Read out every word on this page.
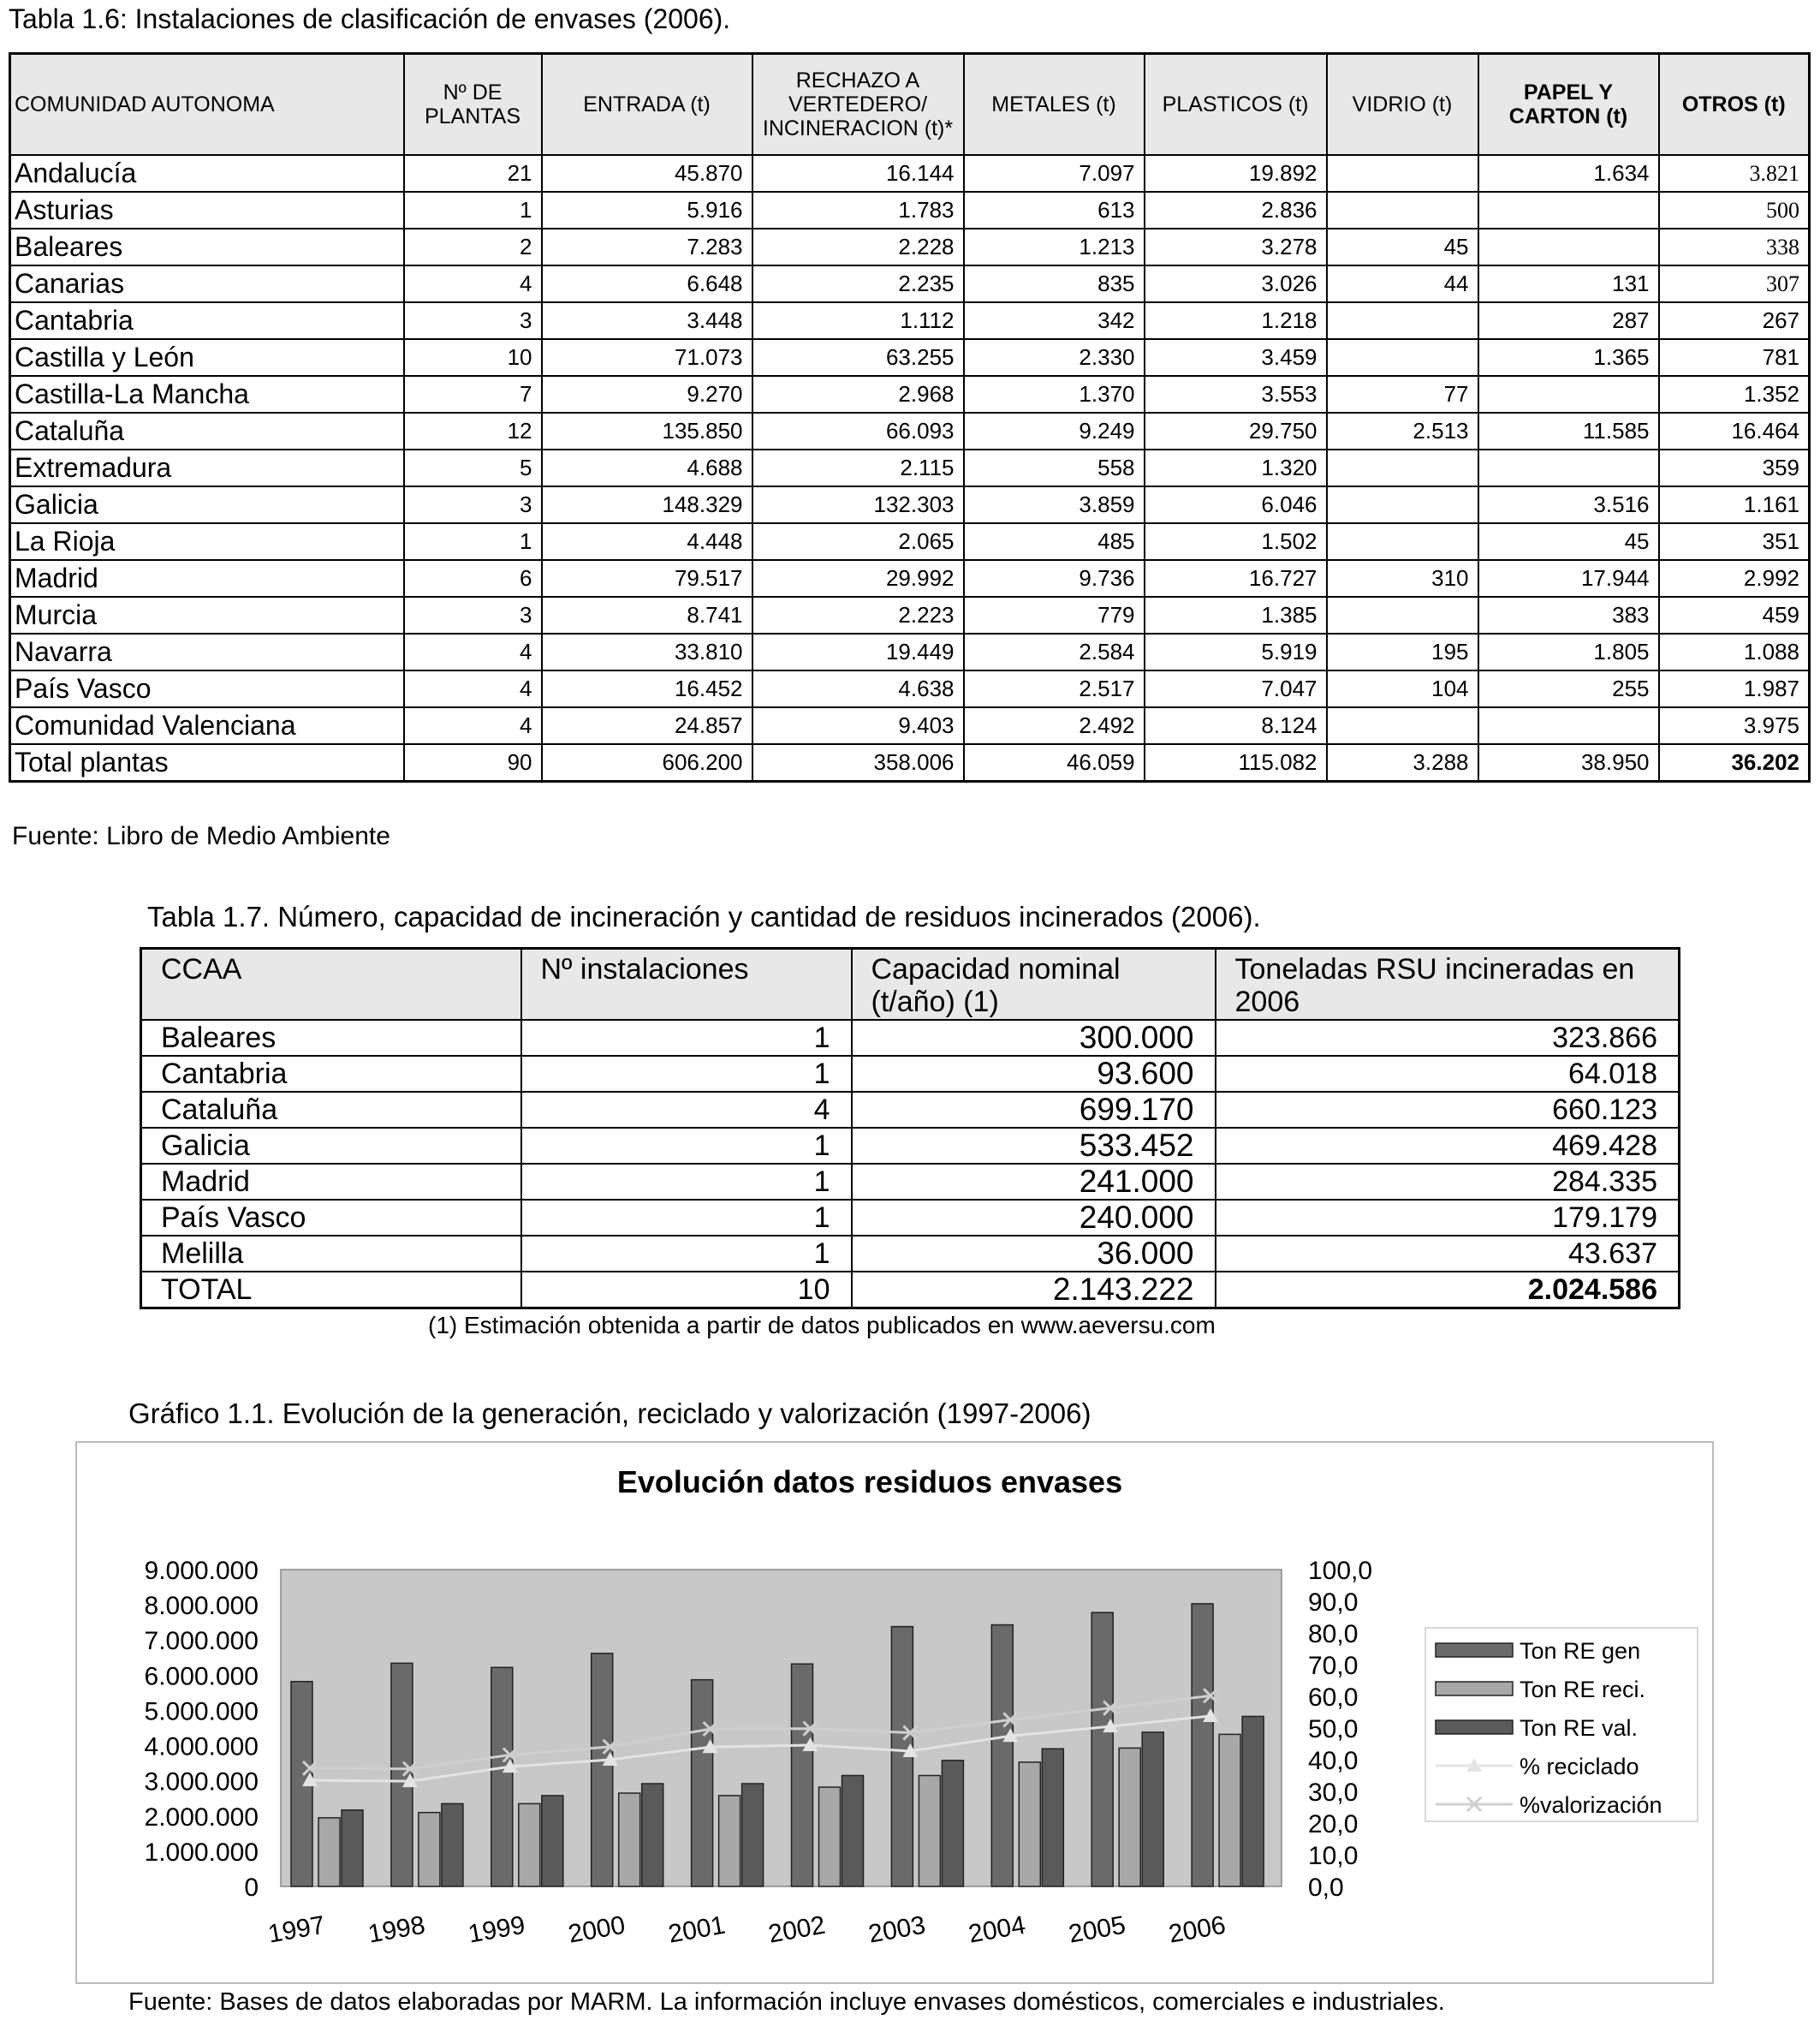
Tabla 1.6: Instalaciones de clasificación de envases (2006).
COMUNIDAD AUTONOMA	Nº DE PLANTAS	ENTRADA (t)	RECHAZO A VERTEDERO/ INCINERACION (t)*	METALES (t)	PLASTICOS (t)	VIDRIO (t)	PAPEL Y CARTON (t)	OTROS (t)
Andalucía	21	45.870	16.144	7.097	19.892		1.634	3.821
Asturias	1	5.916	1.783	613	2.836			500
Baleares	2	7.283	2.228	1.213	3.278	45		338
Canarias	4	6.648	2.235	835	3.026	44	131	307
Cantabria	3	3.448	1.112	342	1.218		287	267
Castilla y León	10	71.073	63.255	2.330	3.459		1.365	781
Castilla-La Mancha	7	9.270	2.968	1.370	3.553	77		1.352
Cataluña	12	135.850	66.093	9.249	29.750	2.513	11.585	16.464
Extremadura	5	4.688	2.115	558	1.320			359
Galicia	3	148.329	132.303	3.859	6.046		3.516	1.161
La Rioja	1	4.448	2.065	485	1.502		45	351
Madrid	6	79.517	29.992	9.736	16.727	310	17.944	2.992
Murcia	3	8.741	2.223	779	1.385		383	459
Navarra	4	33.810	19.449	2.584	5.919	195	1.805	1.088
País Vasco	4	16.452	4.638	2.517	7.047	104	255	1.987
Comunidad Valenciana	4	24.857	9.403	2.492	8.124			3.975
Total plantas	90	606.200	358.006	46.059	115.082	3.288	38.950	36.202
Fuente: Libro de Medio Ambiente
Tabla 1.7. Número, capacidad de incineración y cantidad de residuos incinerados (2006).
CCAA	Nº instalaciones	Capacidad nominal (t/año) (1)	Toneladas RSU incineradas en 2006
Baleares	1	300.000	323.866
Cantabria	1	93.600	64.018
Cataluña	4	699.170	660.123
Galicia	1	533.452	469.428
Madrid	1	241.000	284.335
País Vasco	1	240.000	179.179
Melilla	1	36.000	43.637
TOTAL	10	2.143.222	2.024.586
(1) Estimación obtenida a partir de datos publicados en www.aeversu.com
Gráfico 1.1. Evolución de la generación, reciclado y valorización (1997-2006)
Evolución datos residuos envases
0
1.000.000
2.000.000
3.000.000
4.000.000
5.000.000
6.000.000
7.000.000
8.000.000
9.000.000
0,0
10,0
20,0
30,0
40,0
50,0
60,0
70,0
80,0
90,0
100,0
1997 1998 1999 2000 2001 2002 2003 2004 2005 2006
Ton RE gen
Ton RE reci.
Ton RE val.
% reciclado
%valorización
Fuente: Bases de datos elaboradas por MARM. La información incluye envases domésticos, comerciales e industriales.
